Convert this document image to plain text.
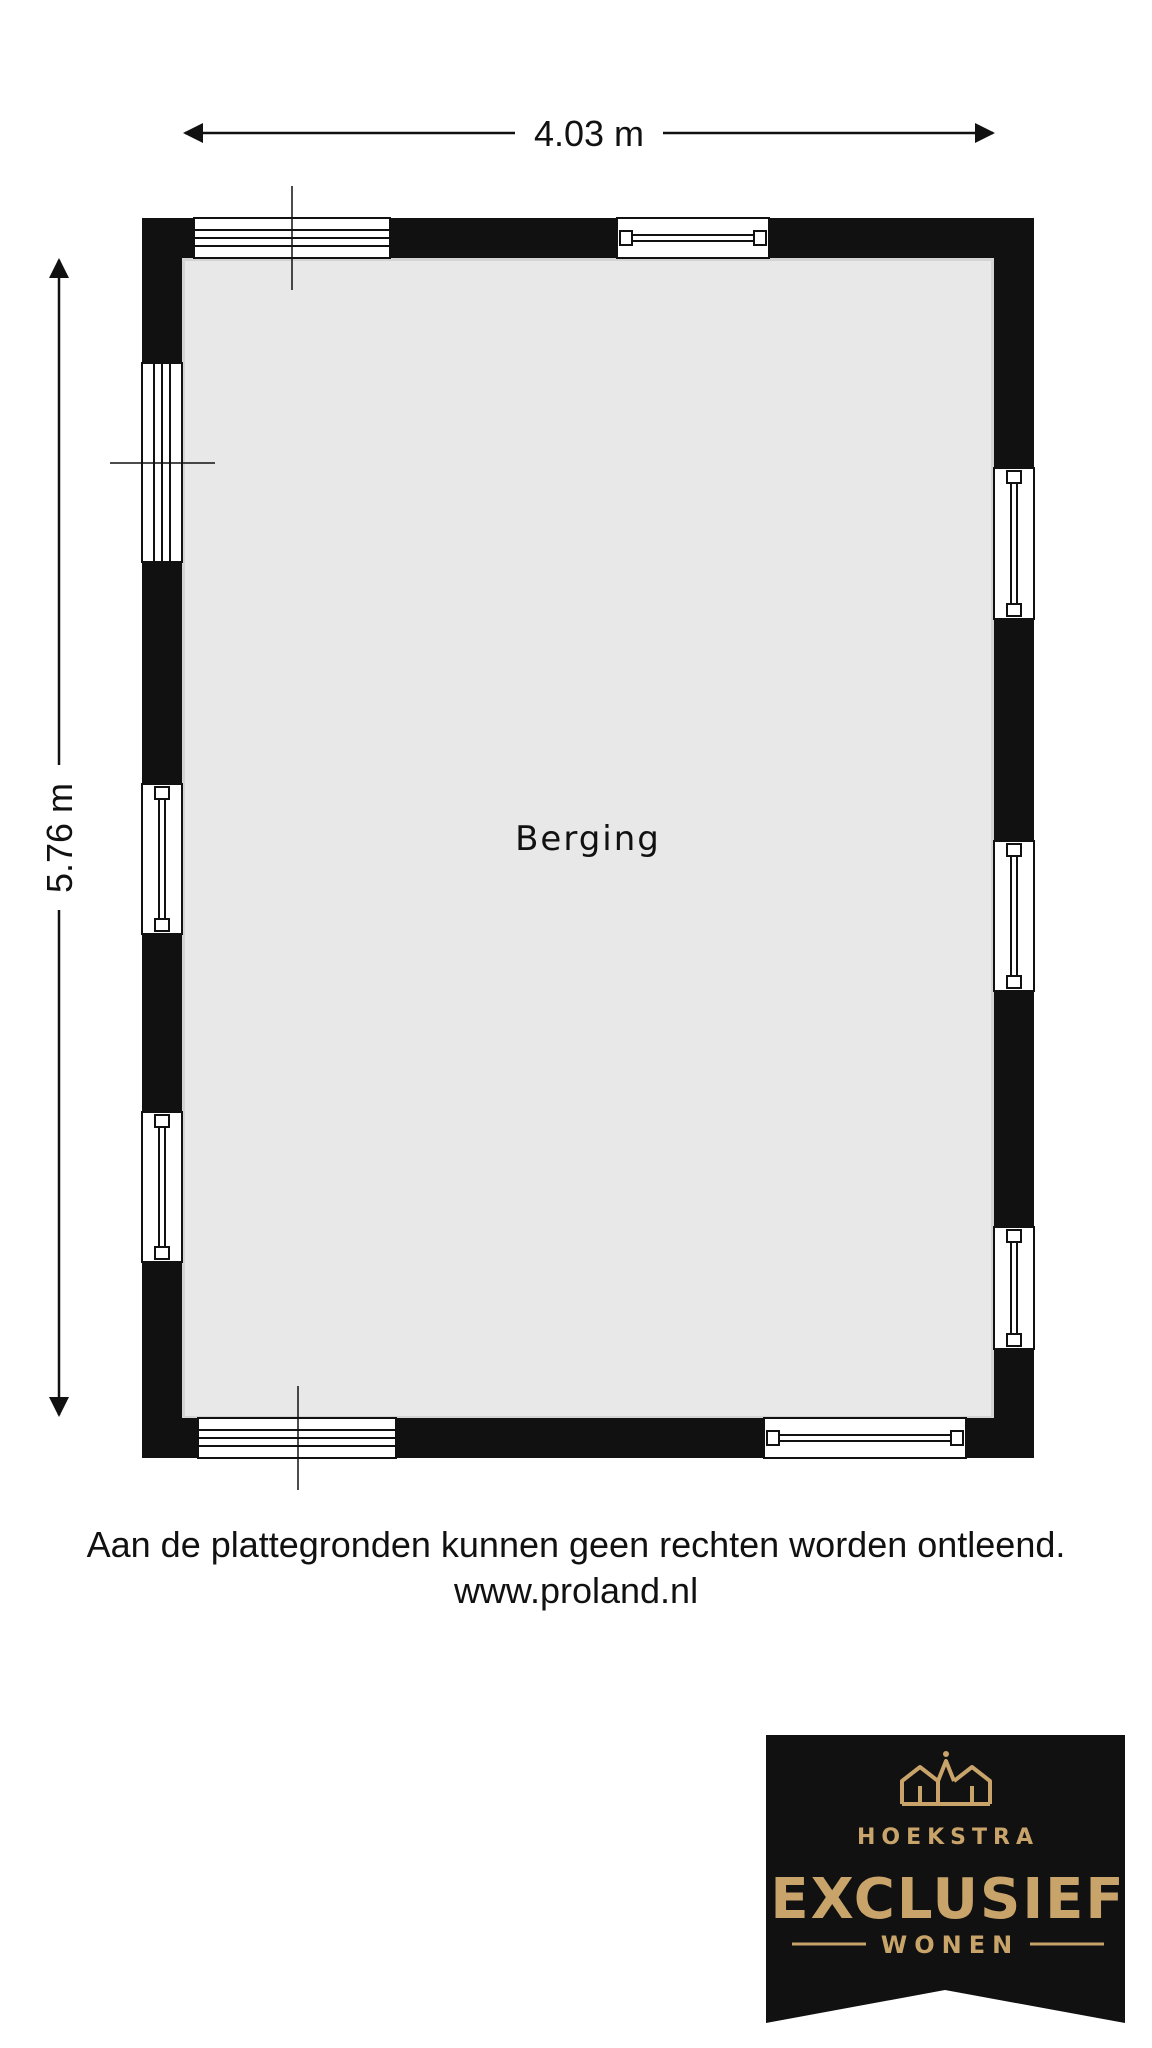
4.03 m
5.76 m	Berging
HOEKSTRA
EXCLUSIEF
WONEN
Aan de plattegronden kunnen geen rechten worden ontleend.
www.proland.nl
